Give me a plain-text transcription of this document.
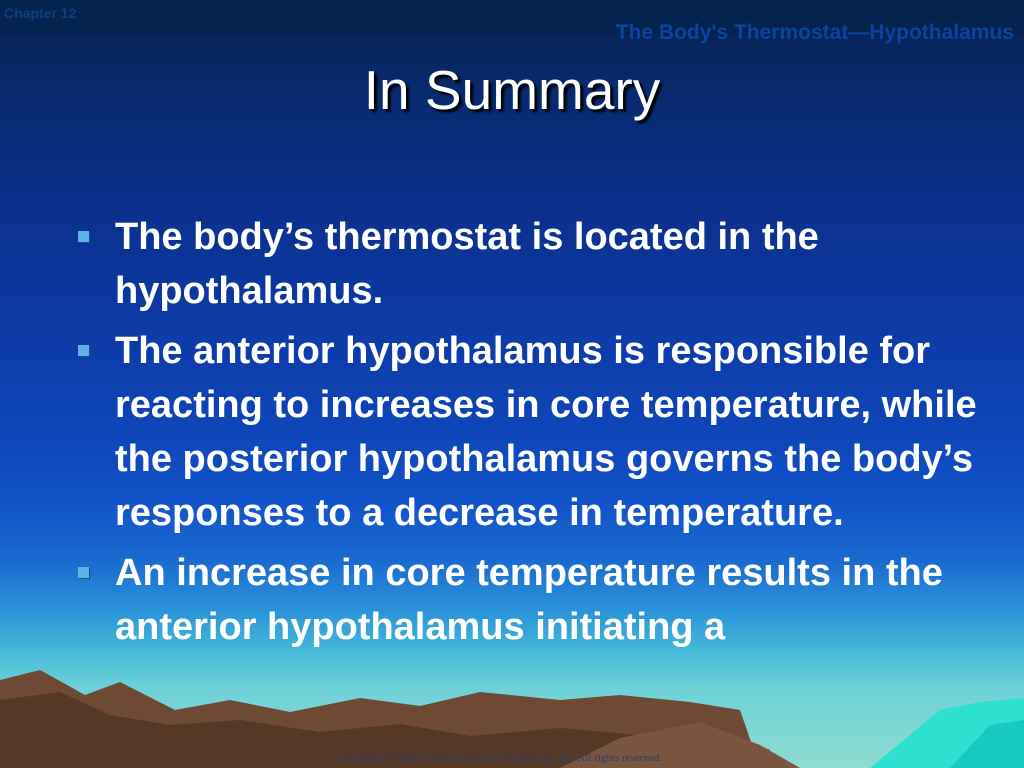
Chapter 12
The Body's Thermostat—Hypothalamus
In Summary
The body’s thermostat is located in the hypothalamus.
The anterior hypothalamus is responsible for reacting to increases in core temperature, while the posterior hypothalamus governs the body’s responses to a decrease in temperature.
An increase in core temperature results in the anterior hypothalamus initiating a
Copyright © 2009 The McGraw-Hill Companies, Inc. All rights reserved.
